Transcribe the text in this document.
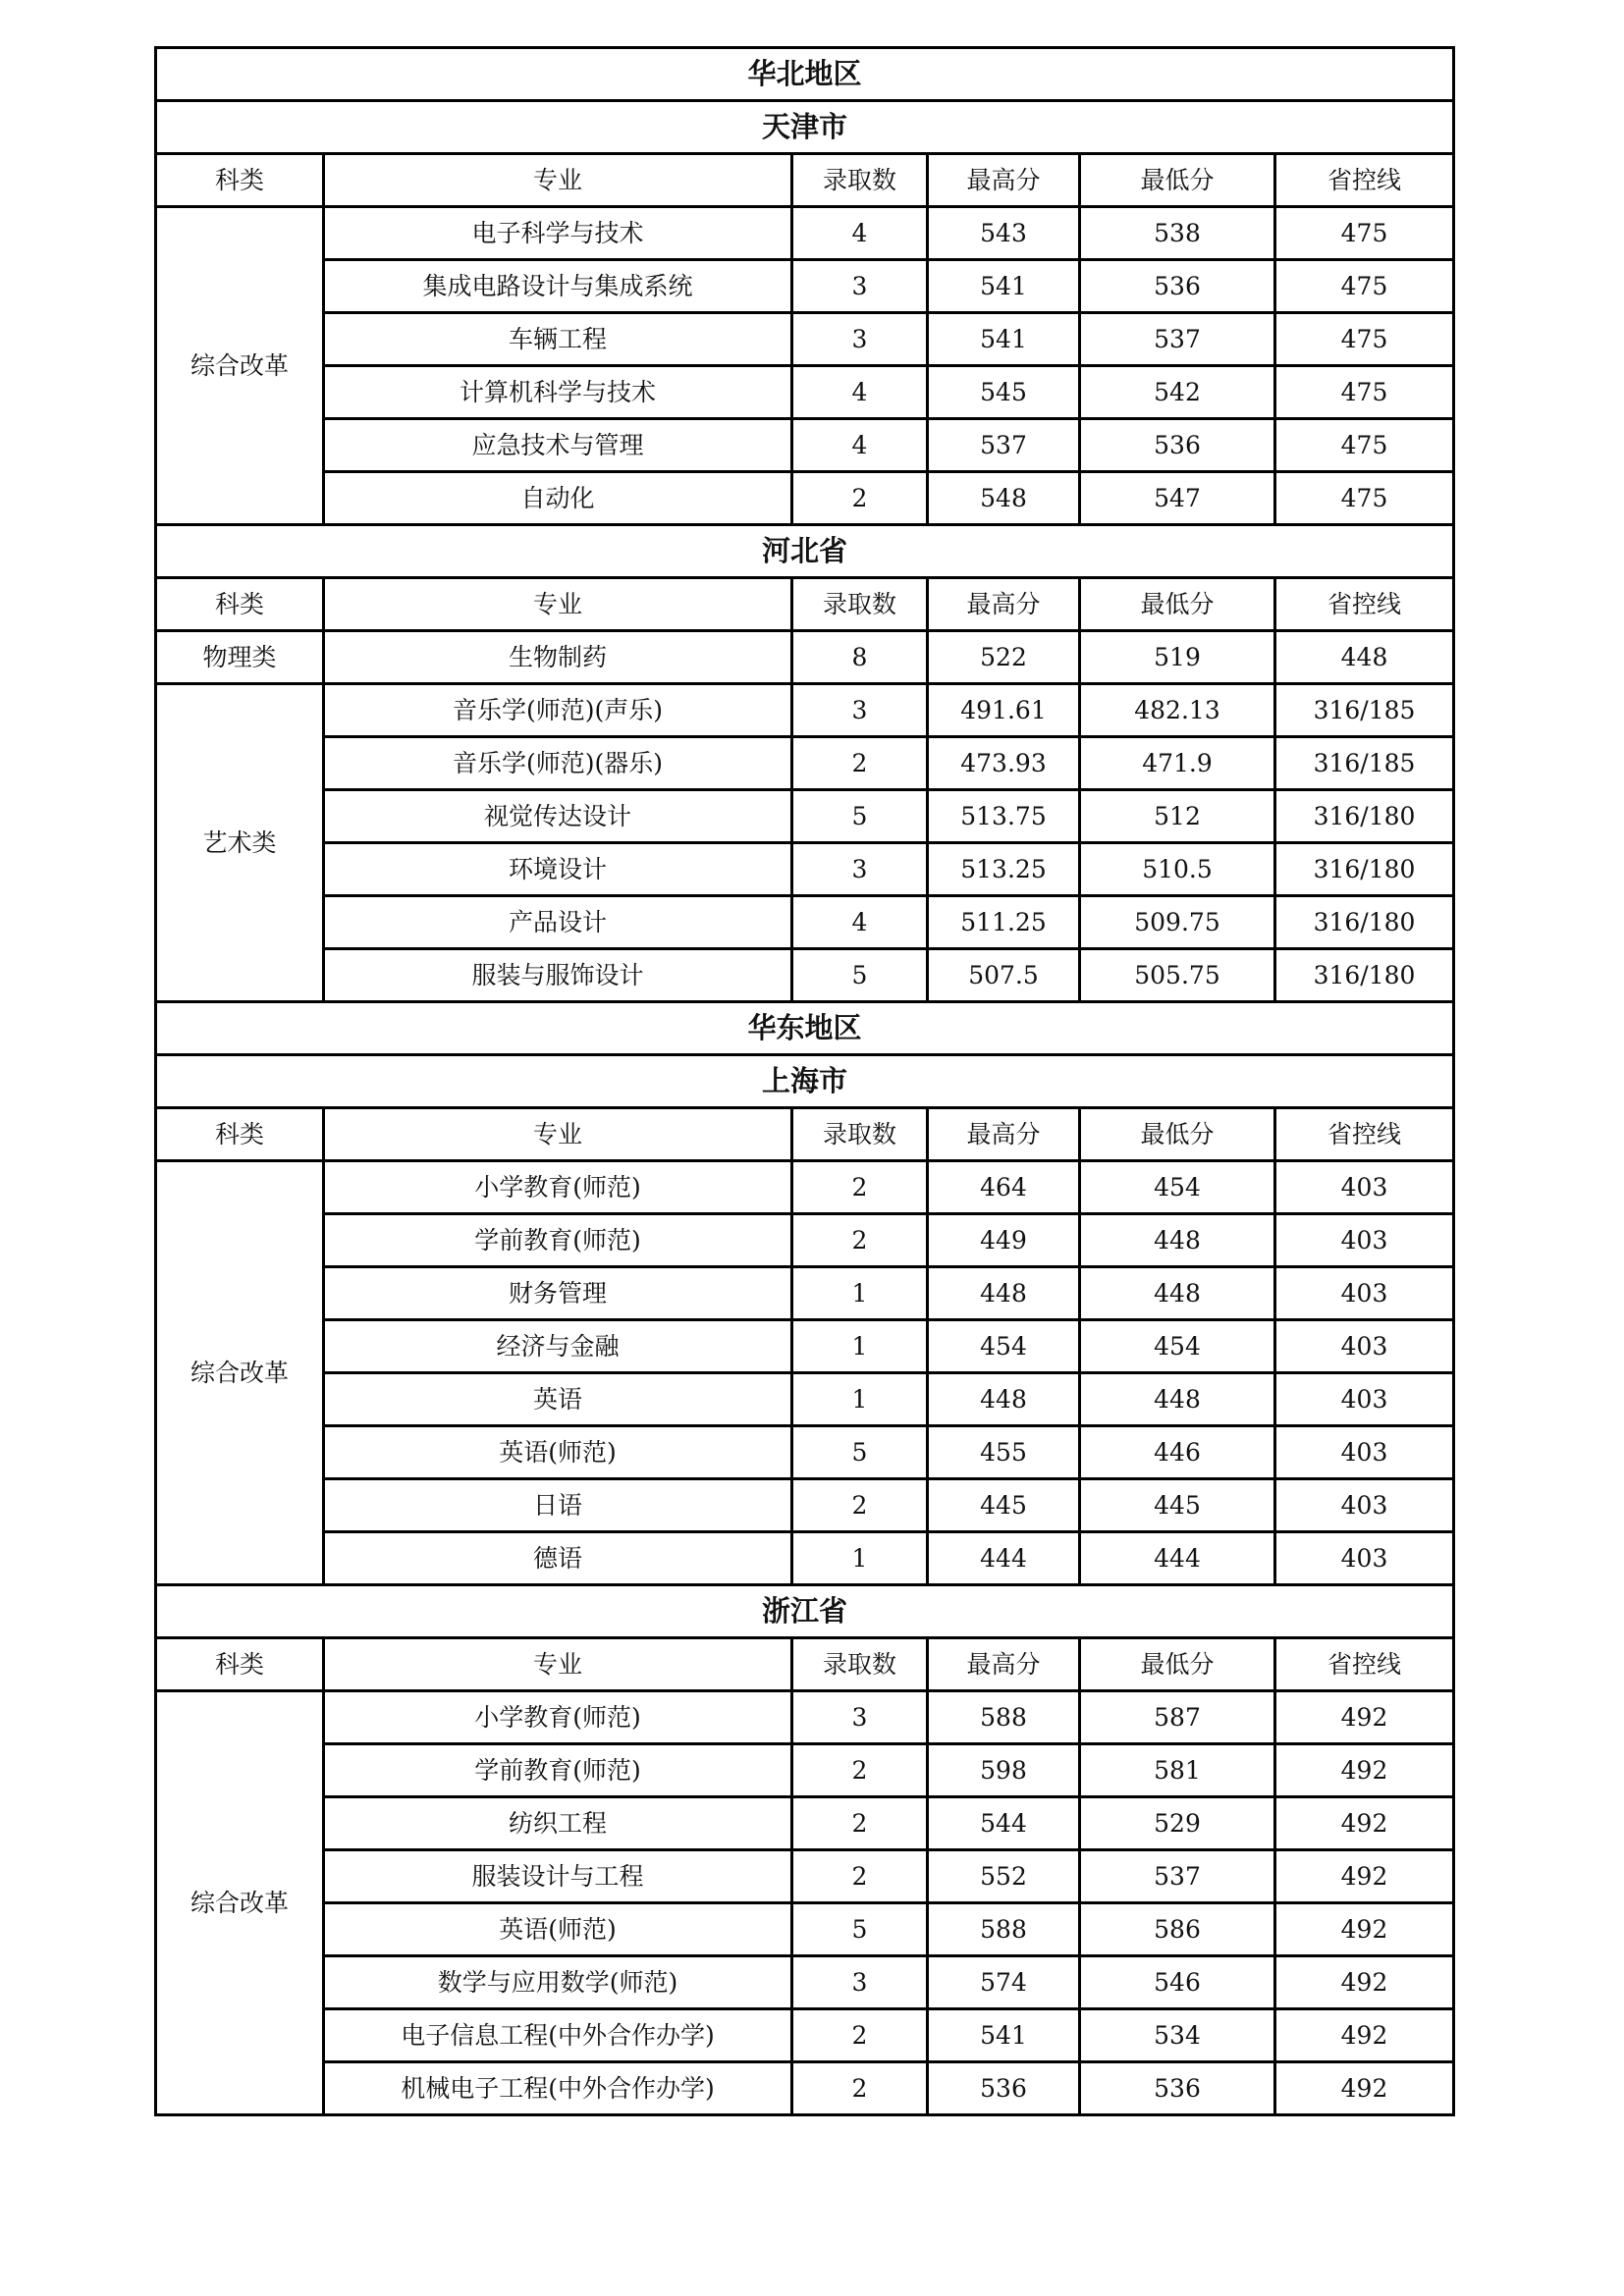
华北地区					
天津市					
科类	专业	录取数	最高分	最低分	省控线
综合改革	电子科学与技术	4	543	538	475
	集成电路设计与集成系统	3	541	536	475
	车辆工程	3	541	537	475
	计算机科学与技术	4	545	542	475
	应急技术与管理	4	537	536	475
	自动化	2	548	547	475
河北省					
科类	专业	录取数	最高分	最低分	省控线
物理类	生物制药	8	522	519	448
艺术类	音乐学(师范)(声乐)	3	491.61	482.13	316/185
	音乐学(师范)(器乐)	2	473.93	471.9	316/185
	视觉传达设计	5	513.75	512	316/180
	环境设计	3	513.25	510.5	316/180
	产品设计	4	511.25	509.75	316/180
	服装与服饰设计	5	507.5	505.75	316/180
华东地区					
上海市					
科类	专业	录取数	最高分	最低分	省控线
综合改革	小学教育(师范)	2	464	454	403
	学前教育(师范)	2	449	448	403
	财务管理	1	448	448	403
	经济与金融	1	454	454	403
	英语	1	448	448	403
	英语(师范)	5	455	446	403
	日语	2	445	445	403
	德语	1	444	444	403
浙江省					
科类	专业	录取数	最高分	最低分	省控线
综合改革	小学教育(师范)	3	588	587	492
	学前教育(师范)	2	598	581	492
	纺织工程	2	544	529	492
	服装设计与工程	2	552	537	492
	英语(师范)	5	588	586	492
	数学与应用数学(师范)	3	574	546	492
	电子信息工程(中外合作办学)	2	541	534	492
	机械电子工程(中外合作办学)	2	536	536	492
